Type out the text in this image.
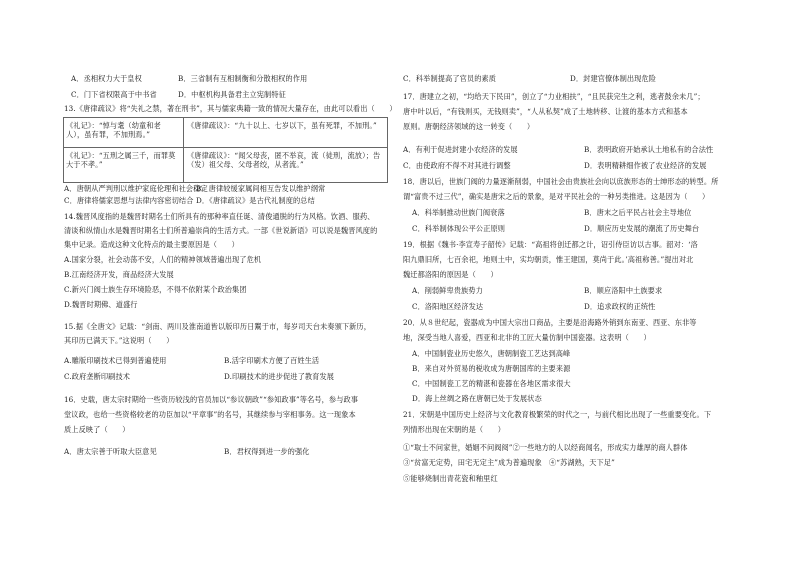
A．丞相权力大于皇权	B．三省制有互相制衡和分散相权的作用
C．门下省权限高于中书省	D．中枢机构具备君主立宪制特征
13.《唐律疏议》将“失礼之禁，著在刑书”，其与儒家典籍一致的情况大量存在，由此可以看出（　　）
《礼记》：“悼与耄（幼童和老人），虽有罪，不加刑焉。”
《唐律疏议》：“九十以上、七岁以下，虽有死罪，不加刑。”
《礼记》：“五刑之属三千，而罪莫大于不孝。”
《唐律疏议》：“闻父母丧，匿不举哀，流（徒刑，流放）；告（发）祖父母、父母者绞，从者流。”
A．唐朝从严判刑以维护家庭伦理和社会稳定
B．唐律较缓家属间相互告发以维护纲常
C．唐律将儒家思想与法律内容密切结合 D．《唐律疏议》是古代礼制度的总结
14.魏晋风度指的是魏晋时期名士们所具有的那种率直任诞、清俊通脱的行为风格。饮酒、服药、
清谈和纵情山水是魏晋时期名士们所普遍崇尚的生活方式。一部《世说新语》可以说是魏晋风度的
集中记录。造成这种文化特点的最主要原因是（　　）
A.国家分裂，社会动荡不安，人们的精神领域普遍出现了危机
B.江南经济开发，商品经济大发展
C.新兴门阀士族生存环境险恶，不得不依附某个政治集团
D.魏晋时期佛、道盛行
15.据《全唐文》记载：“剑南、两川及淮南道皆以版印历日鬻于市，每岁司天台未奏颁下新历，
其印历已满天下。”这说明（　　）
A.雕版印刷技术已得到普遍使用	B.活字印刷术方便了百姓生活
C.政府垄断印刷技术	D.印刷技术的进步促进了教育发展
16．史载，唐太宗时期给一些资历较浅的官员加以“参议朝政”“参知政事”等名号，参与政事
堂议政，也给一些资格较老的功臣加以“平章事”的名号，其继续参与宰相事务。这一现象本
质上反映了（　　）
A．唐太宗善于听取大臣意见	B．君权得到进一步的强化
C．科举制提高了官员的素质	D．封建官僚体制出现危险
17．唐建立之初，“均给天下民田”，创立了“力业相扶”，“且民获完生之利，逃者鼓余未几”；
唐中叶以后，“有钱则买，无钱则卖”，“人从私契”成了土地转移、让渡的基本方式和基本
原则。唐朝经济领域的这一转变（　　）
A．有利于促进封建小农经济的发展	B．表明政府开始承认土地私有的合法性
C．由使政府不得不对其进行调整	D．表明精耕细作被了农业经济的发展
18．唐以后，世族门阀的力量逐渐削弱，中国社会由贵族社会向以庶族形态的士绅形态的转型。所
谓“富贵不过三代”，确实是唐宋之后的景象，是对平民社会的一种另类推进。这是因为（　　）
A．科举制推动世族门阀衰落	B．唐末之后平民占社会主导地位
C．科举制体现公平公正原则	D．顺应历史发展的潮流了历史舞台
19．根据《魏书·李宣寿子韶传》记载：“高祖将创迁都之计，诏引侍臣访以古事。韶对：‘洛
阳九鼎旧所，七百余祀，地则土中，实均朝贡，惟王建国，莫尚于此。’高祖称善。”提出对北
魏迁都洛阳的原因是（　　）
A．削弱鲜卑贵族势力	B．顺应洛阳中土族要求
C．洛阳地区经济发达	D．追求政权的正统性
20．从８世纪起，瓷器成为中国大宗出口商品，主要是沿海路外销到东南亚、西亚、东非等
地，深受当地人喜爱，西亚和北非的工匠大量仿制中国瓷器。这表明（　　）
A．中国制瓷业历史悠久，唐朝制瓷工艺达到高峰
B．来自对外贸易的税收成为唐朝国库的主要来源
C．中国制瓷工艺的精湛和瓷器在各地区需求很大
D．海上丝绸之路在唐朝已处于发展状态
21．宋朝是中国历史上经济与文化教育极繁荣的时代之一，与前代相比出现了一些重要变化。下
列情形出现在宋朝的是（　　）
①“取士不问家世，婚姻不问阀阅”②一些地方的人以经商闻名，形成实力雄厚的商人群体
③“贫富无定势，田宅无定主”成为普遍现象　④“苏湖熟，天下足”
⑤能够烧制出青花瓷和釉里红
